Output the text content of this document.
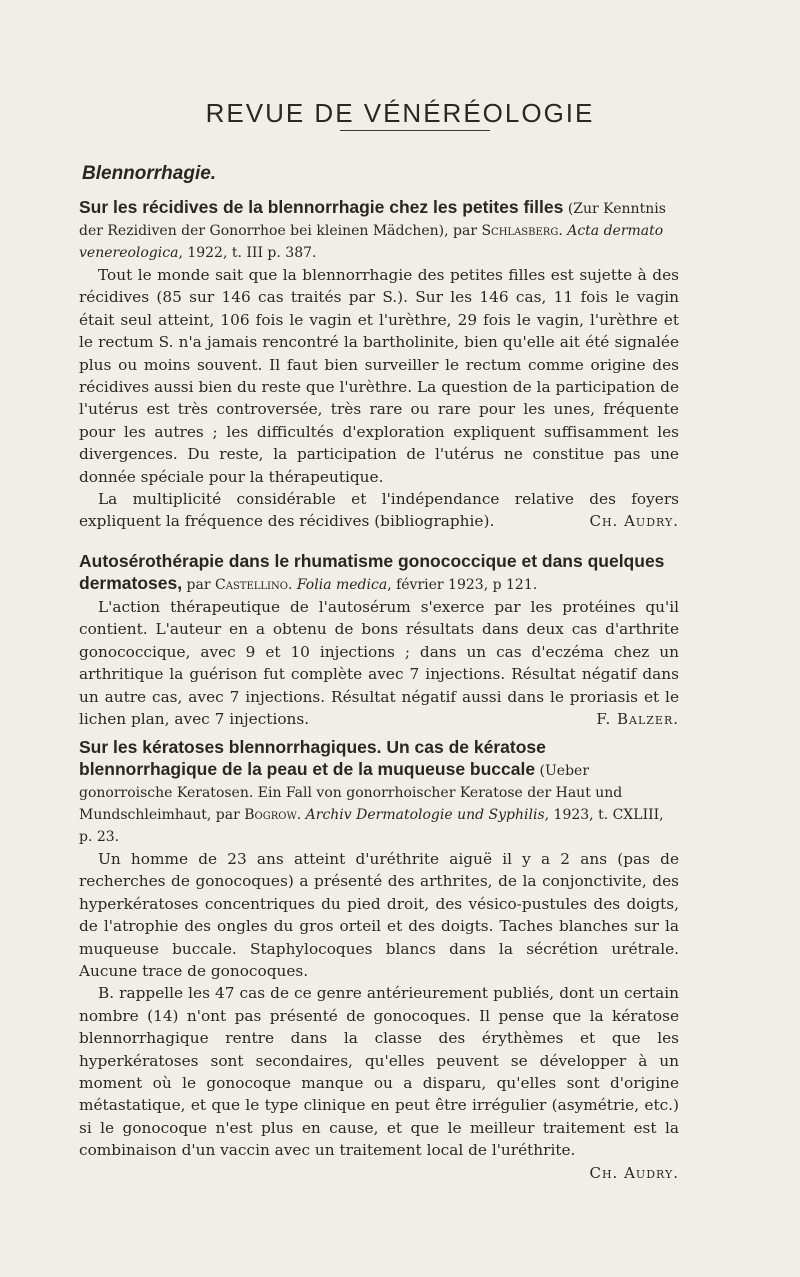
REVUE DE VÉNÉRÉOLOGIE
Blennorrhagie.
Sur les récidives de la blennorrhagie chez les petites filles (Zur Kenntnis der Rezidiven der Gonorrhoe bei kleinen Mädchen), par Schlasberg. Acta dermato venereologica, 1922, t. III p. 387.

Tout le monde sait que la blennorrhagie des petites filles est sujette à des récidives (85 sur 146 cas traités par S.). Sur les 146 cas, 11 fois le vagin était seul atteint, 106 fois le vagin et l'urèthre, 29 fois le vagin, l'urèthre et le rectum S. n'a jamais rencontré la bartholinite, bien qu'elle ait été signalée plus ou moins souvent. Il faut bien surveiller le rectum comme origine des récidives aussi bien du reste que l'urèthre. La question de la participation de l'utérus est très controversée, très rare ou rare pour les unes, fréquente pour les autres ; les difficultés d'exploration expliquent suffisamment les divergences. Du reste, la participation de l'utérus ne constitue pas une donnée spéciale pour la thérapeutique.

La multiplicité considérable et l'indépendance relative des foyers expliquent la fréquence des récidives (bibliographie).	Ch. Audry.

Autosérothérapie dans le rhumatisme gonococcique et dans quelques dermatoses, par Castellino. Folia medica, février 1923, p 121.

L'action thérapeutique de l'autosérum s'exerce par les protéines qu'il contient. L'auteur en a obtenu de bons résultats dans deux cas d'arthrite gonococcique, avec 9 et 10 injections ; dans un cas d'eczéma chez un arthritique la guérison fut complète avec 7 injections. Résultat négatif dans un autre cas, avec 7 injections. Résultat négatif aussi dans le proriasis et le lichen plan, avec 7 injections.	F. Balzer.

Sur les kératoses blennorrhagiques. Un cas de kératose blennorrhagique de la peau et de la muqueuse buccale (Ueber gonorroische Keratosen. Ein Fall von gonorrhoischer Keratose der Haut und Mundschleimhaut, par Bogrow. Archiv Dermatologie und Syphilis, 1923, t. CXLIII, p. 23.

Un homme de 23 ans atteint d'uréthrite aiguë il y a 2 ans (pas de recherches de gonocoques) a présenté des arthrites, de la conjonctivite, des hyperkératoses concentriques du pied droit, des vésico-pustules des doigts, de l'atrophie des ongles du gros orteil et des doigts. Taches blanches sur la muqueuse buccale. Staphylocoques blancs dans la sécrétion urétrale. Aucune trace de gonocoques.

B. rappelle les 47 cas de ce genre antérieurement publiés, dont un certain nombre (14) n'ont pas présenté de gonocoques. Il pense que la kératose blennorrhagique rentre dans la classe des érythèmes et que les hyperkératoses sont secondaires, qu'elles peuvent se développer à un moment où le gonocoque manque ou a disparu, qu'elles sont d'origine métastatique, et que le type clinique en peut être irrégulier (asymétrie, etc.) si le gonocoque n'est plus en cause, et que le meilleur traitement est la combinaison d'un vaccin avec un traitement local de l'uréthrite.
Ch. Audry.
